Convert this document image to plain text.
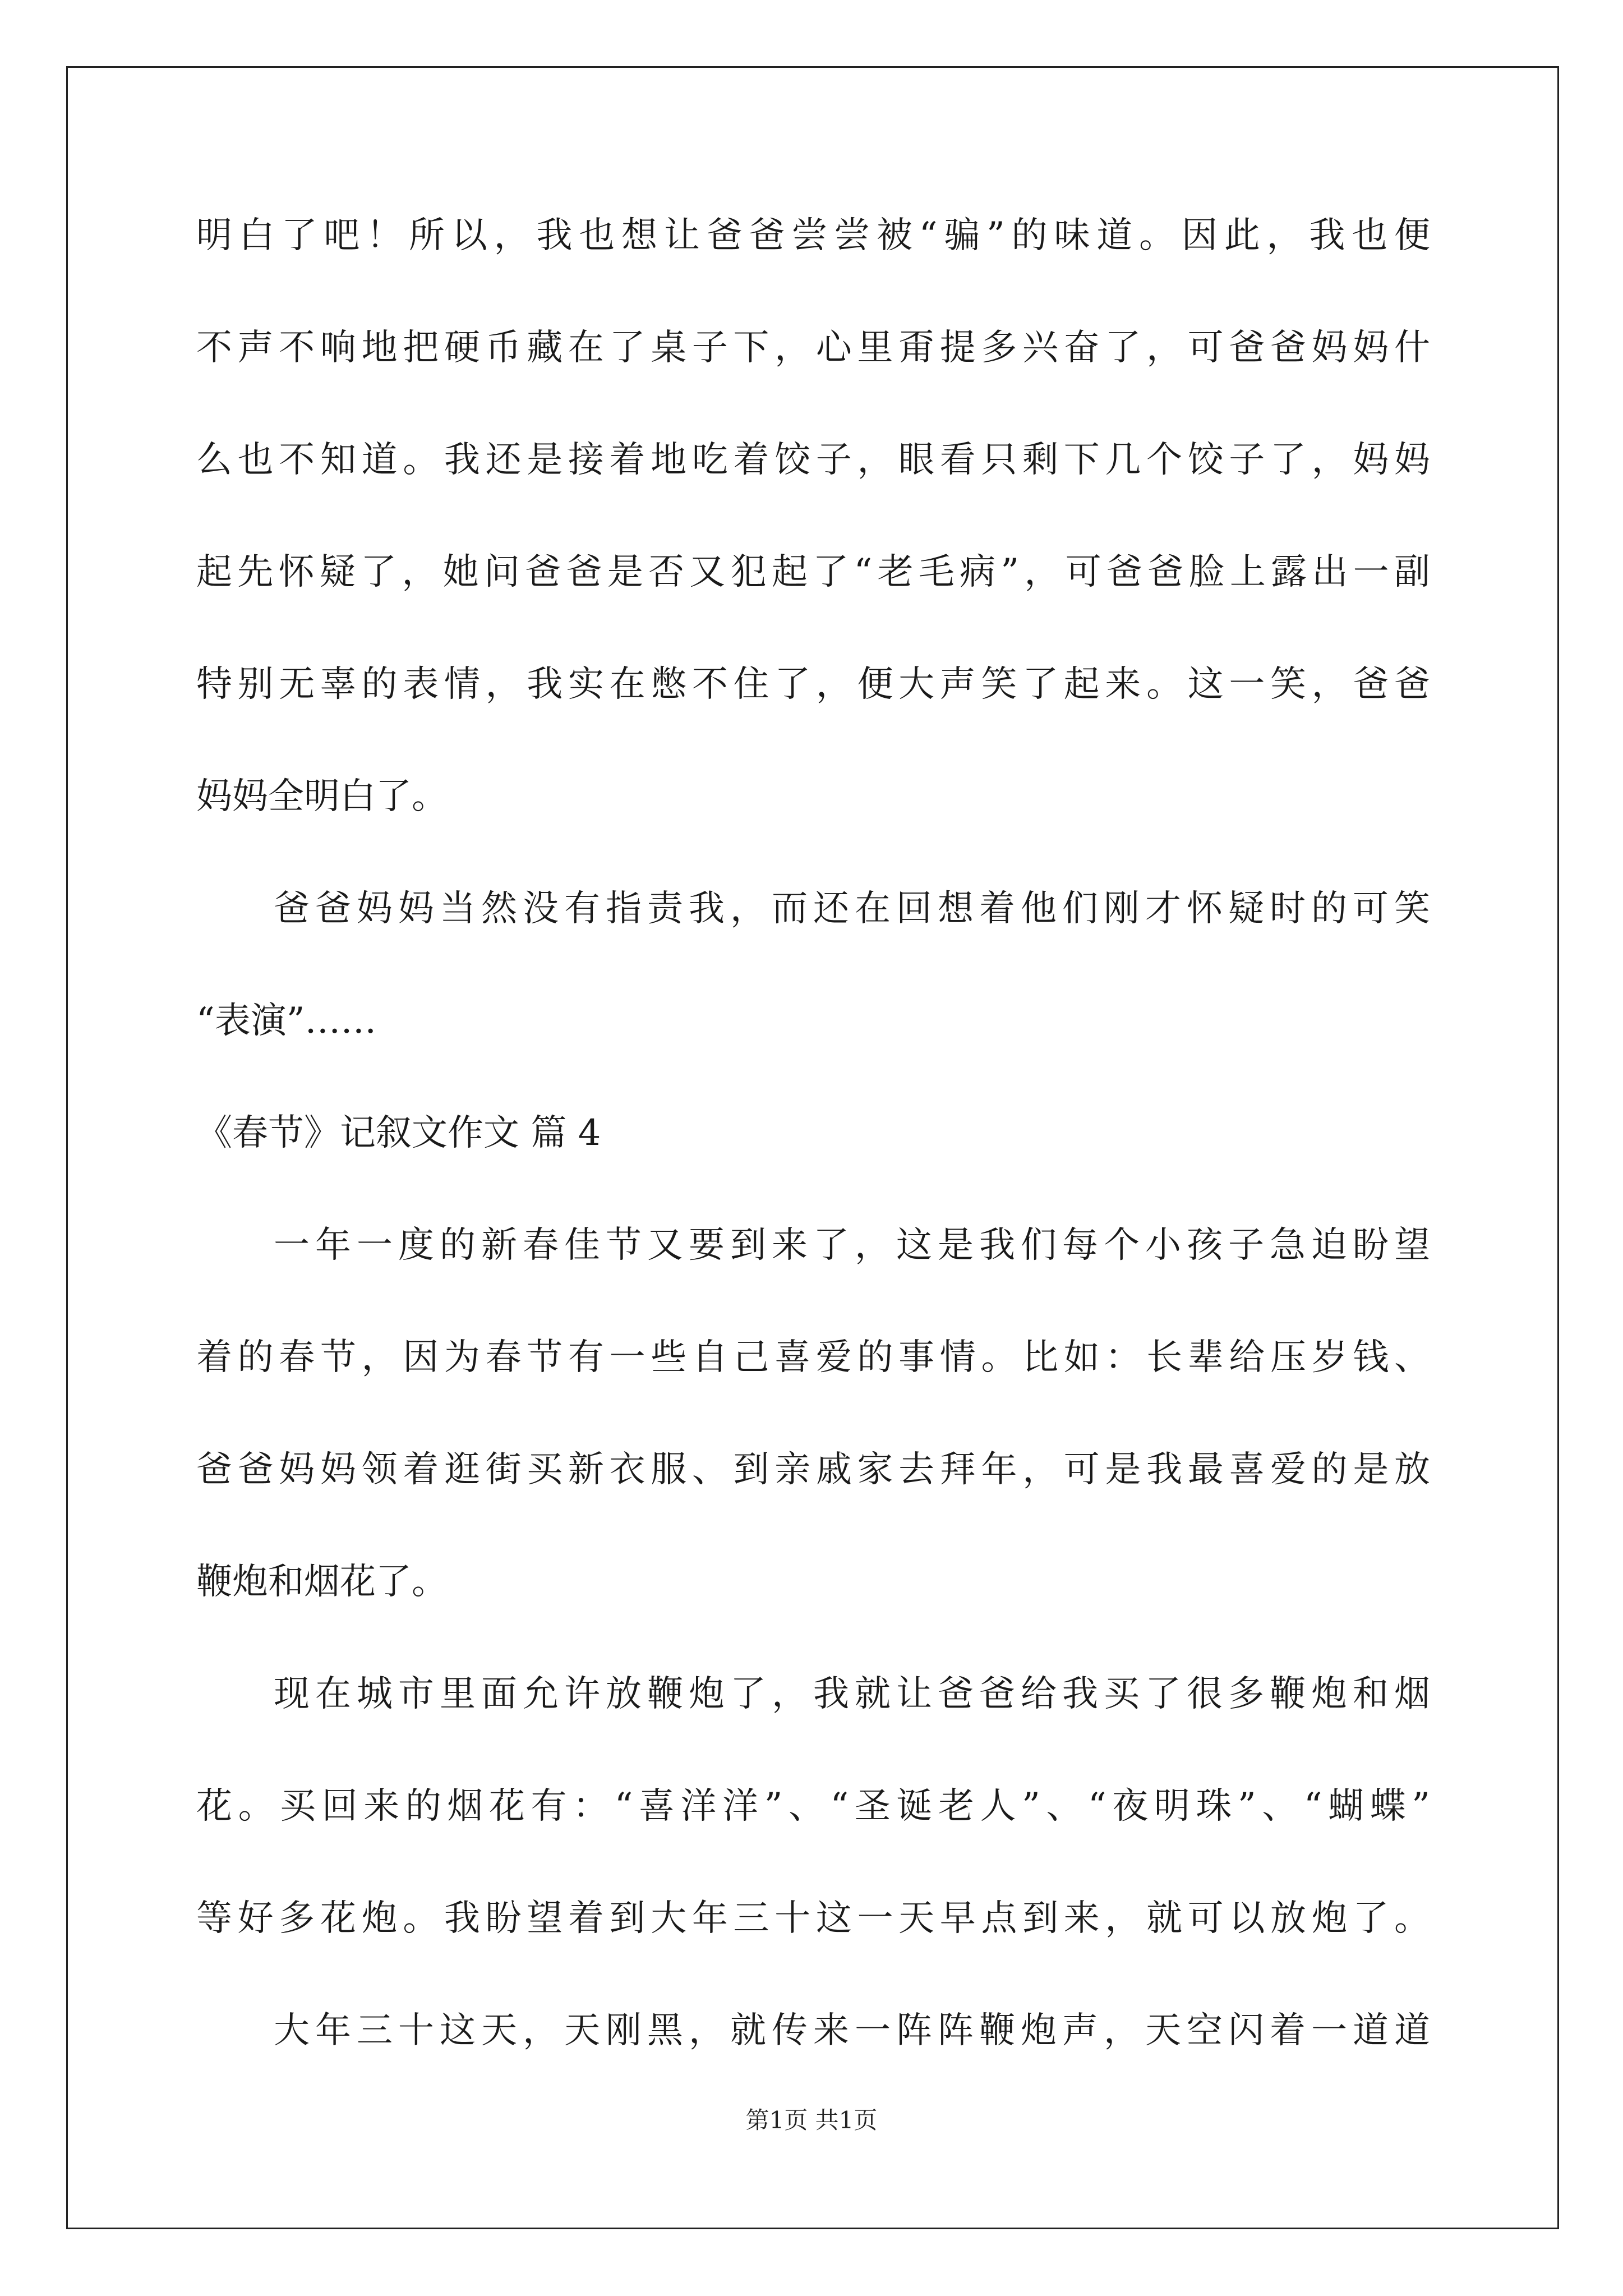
明白了吧！所以，我也想让爸爸尝尝被“骗”的味道。因此，我也便
不声不响地把硬币藏在了桌子下，心里甭提多兴奋了，可爸爸妈妈什
么也不知道。我还是接着地吃着饺子，眼看只剩下几个饺子了，妈妈
起先怀疑了，她问爸爸是否又犯起了“老毛病”，可爸爸脸上露出一副
特别无辜的表情，我实在憋不住了，便大声笑了起来。这一笑，爸爸
妈妈全明白了。
爸爸妈妈当然没有指责我，而还在回想着他们刚才怀疑时的可笑
“表演”……
《春节》记叙文作文 篇 4
一年一度的新春佳节又要到来了，这是我们每个小孩子急迫盼望
着的春节，因为春节有一些自己喜爱的事情。比如：长辈给压岁钱、
爸爸妈妈领着逛街买新衣服、到亲戚家去拜年，可是我最喜爱的是放
鞭炮和烟花了。
现在城市里面允许放鞭炮了，我就让爸爸给我买了很多鞭炮和烟
花。买回来的烟花有：“喜洋洋”、“圣诞老人”、“夜明珠”、“蝴蝶”
等好多花炮。我盼望着到大年三十这一天早点到来，就可以放炮了。
大年三十这天，天刚黑，就传来一阵阵鞭炮声，天空闪着一道道
第1页 共1页
